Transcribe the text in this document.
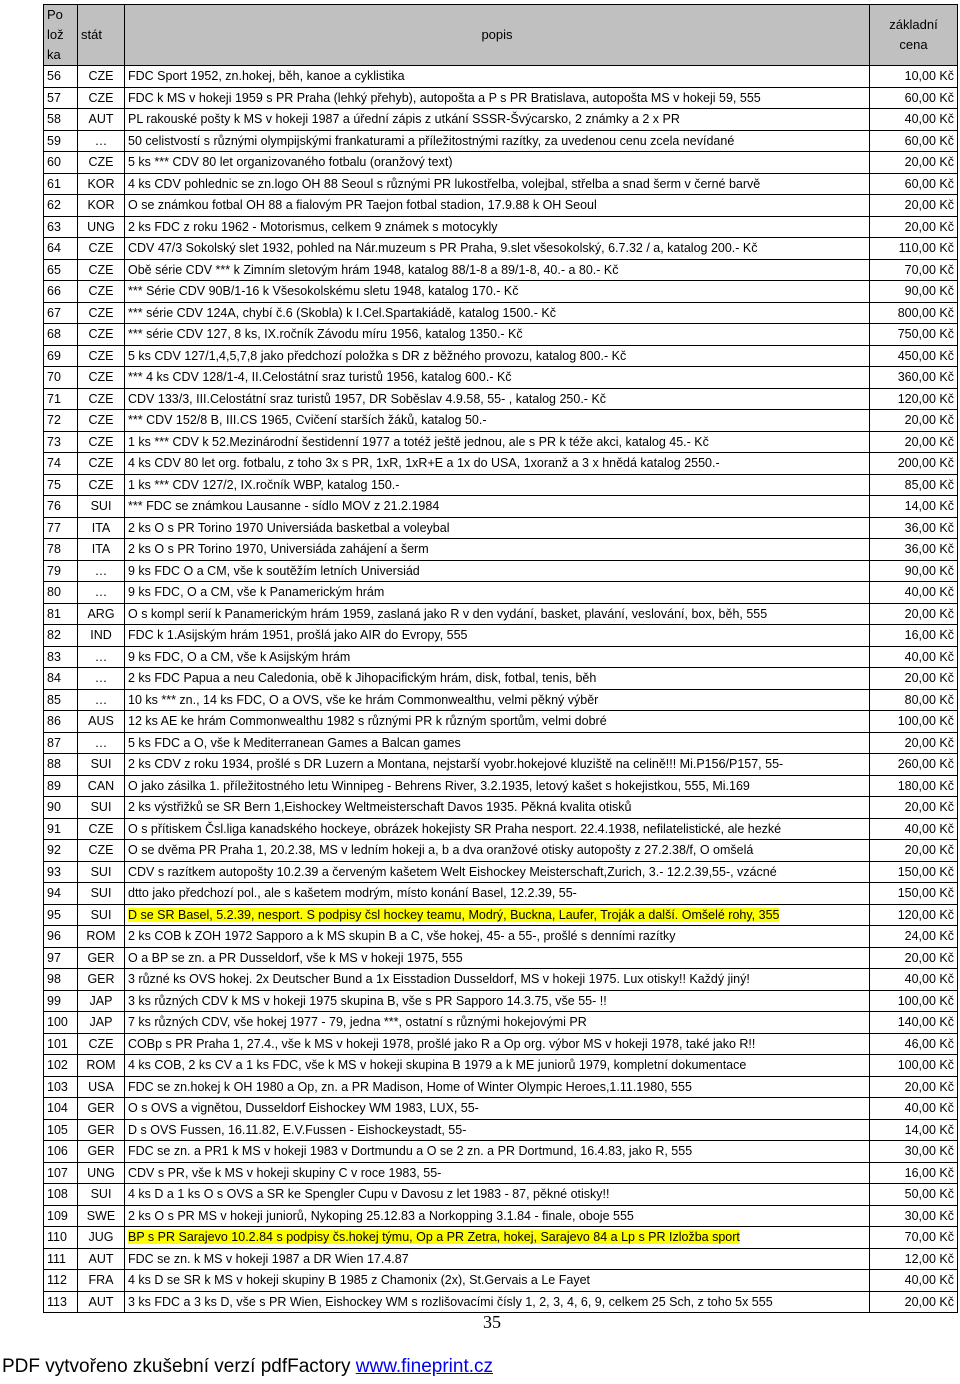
Po
lož
ka	stát	popis	základní
cena
56	CZE	FDC Sport 1952, zn.hokej, běh, kanoe a cyklistika	10,00 Kč
57	CZE	FDC k MS v hokeji 1959 s PR Praha (lehký přehyb), autopošta a P s PR Bratislava, autopošta MS v hokeji 59, 555	60,00 Kč
58	AUT	PL rakouské pošty k MS v hokeji 1987 a úřední zápis z utkání SSSR-Švýcarsko, 2 známky a 2 x PR	40,00 Kč
59	…	50 celistvostí s různými olympijskými frankaturami a příležitostnými razítky, za uvedenou cenu zcela nevídané	60,00 Kč
60	CZE	5 ks *** CDV 80 let organizovaného fotbalu (oranžový text)	20,00 Kč
61	KOR	4 ks CDV pohlednic se zn.logo OH 88 Seoul s různými PR lukostřelba, volejbal, střelba a snad šerm v černé barvě	60,00 Kč
62	KOR	O se známkou fotbal OH 88 a fialovým PR Taejon fotbal stadion, 17.9.88 k OH Seoul	20,00 Kč
63	UNG	2 ks FDC z roku 1962 - Motorismus, celkem 9 známek s motocykly	20,00 Kč
64	CZE	CDV 47/3 Sokolský slet 1932, pohled na Nár.muzeum s PR Praha, 9.slet všesokolský, 6.7.32 / a, katalog 200.- Kč	110,00 Kč
65	CZE	Obě série CDV *** k Zimním sletovým hrám 1948, katalog 88/1-8 a 89/1-8, 40.- a 80.- Kč	70,00 Kč
66	CZE	*** Série CDV 90B/1-16 k Všesokolskému sletu 1948, katalog 170.- Kč	90,00 Kč
67	CZE	*** série CDV 124A, chybí č.6 (Skobla) k I.Cel.Spartakiádě, katalog 1500.- Kč	800,00 Kč
68	CZE	*** série CDV 127, 8 ks, IX.ročník Závodu míru 1956, katalog 1350.- Kč	750,00 Kč
69	CZE	5 ks CDV 127/1,4,5,7,8 jako předchozí položka s DR z běžného provozu, katalog 800.- Kč	450,00 Kč
70	CZE	*** 4 ks CDV 128/1-4, II.Celostátní sraz turistů 1956, katalog 600.- Kč	360,00 Kč
71	CZE	CDV 133/3, III.Celostátní sraz turistů 1957, DR Soběslav 4.9.58, 55- , katalog 250.- Kč	120,00 Kč
72	CZE	*** CDV 152/8 B, III.CS 1965, Cvičení starších žáků, katalog 50.-	20,00 Kč
73	CZE	1 ks *** CDV k 52.Mezinárodní šestidenní 1977 a totéž ještě jednou, ale s PR k téže akci, katalog 45.- Kč	20,00 Kč
74	CZE	4 ks CDV 80 let org. fotbalu, z toho 3x s PR, 1xR, 1xR+E a 1x do USA, 1xoranž a 3 x hnědá katalog 2550.-	200,00 Kč
75	CZE	1 ks *** CDV 127/2, IX.ročník WBP, katalog 150.-	85,00 Kč
76	SUI	*** FDC se známkou Lausanne - sídlo MOV z 21.2.1984	14,00 Kč
77	ITA	2 ks O s PR Torino 1970 Universiáda basketbal a voleybal	36,00 Kč
78	ITA	2 ks O s PR Torino 1970, Universiáda zahájení a šerm	36,00 Kč
79	…	9 ks FDC O a CM, vše k soutěžím letních Universiád	90,00 Kč
80	…	9 ks FDC, O a CM, vše k Panamerickým hrám	40,00 Kč
81	ARG	O s kompl serií k Panamerickým hrám 1959, zaslaná jako R v den vydání, basket, plavání, veslování, box, běh, 555	20,00 Kč
82	IND	FDC k 1.Asijským hrám 1951, prošlá jako AIR do Evropy, 555	16,00 Kč
83	…	9 ks FDC, O a CM, vše k Asijským hrám	40,00 Kč
84	…	2 ks FDC Papua a neu Caledonia, obě k Jihopacifickým hrám, disk, fotbal, tenis, běh	20,00 Kč
85	…	10 ks *** zn., 14 ks FDC, O a OVS, vše ke hrám Commonwealthu, velmi pěkný výběr	80,00 Kč
86	AUS	12 ks AE ke hrám Commonwealthu 1982 s různými PR k různým sportům, velmi dobré	100,00 Kč
87	…	5 ks FDC a O, vše k Mediterranean Games a Balcan games	20,00 Kč
88	SUI	2 ks CDV z roku 1934, prošlé s DR Luzern a Montana, nejstarší vyobr.hokejové kluziště na celině!!! Mi.P156/P157, 55-	260,00 Kč
89	CAN	O jako zásilka 1. příležitostného letu Winnipeg - Behrens River, 3.2.1935, letový kašet s hokejistkou, 555, Mi.169	180,00 Kč
90	SUI	2 ks výstřižků se SR Bern 1,Eishockey Weltmeisterschaft Davos 1935. Pěkná kvalita otisků	20,00 Kč
91	CZE	O s přítiskem Čsl.liga kanadského hockeye, obrázek hokejisty SR Praha nesport. 22.4.1938, nefilatelistické, ale hezké	40,00 Kč
92	CZE	O se dvěma PR Praha 1, 20.2.38, MS v ledním hokeji a, b a dva oranžové otisky autopošty z 27.2.38/f, O omšelá	20,00 Kč
93	SUI	CDV s razítkem autopošty 10.2.39 a červeným kašetem Welt Eishockey Meisterschaft,Zurich, 3.- 12.2.39,55-, vzácné	150,00 Kč
94	SUI	dtto jako předchozí pol., ale s kašetem modrým, místo konání Basel, 12.2.39, 55-	150,00 Kč
95	SUI	D se SR Basel, 5.2.39, nesport. S podpisy čsl hockey teamu, Modrý, Buckna, Laufer, Troják a další. Omšelé rohy, 355	120,00 Kč
96	ROM	2 ks COB k ZOH 1972 Sapporo a k MS skupin B a C, vše hokej, 45- a 55-, prošlé s denními razítky	24,00 Kč
97	GER	O a BP se zn. a PR Dusseldorf, vše k MS v hokeji 1975, 555	20,00 Kč
98	GER	3 různé ks OVS hokej. 2x Deutscher Bund a 1x Eisstadion Dusseldorf, MS v hokeji 1975. Lux otisky!! Každý jiný!	40,00 Kč
99	JAP	3 ks různých CDV k MS v hokeji 1975 skupina B, vše s PR Sapporo 14.3.75, vše 55- !!	100,00 Kč
100	JAP	7 ks různých CDV, vše hokej 1977 - 79, jedna ***, ostatní s různými hokejovými PR	140,00 Kč
101	CZE	COBp s PR Praha 1, 27.4., vše k MS v hokeji 1978, prošlé jako R a Op org. výbor MS v hokeji 1978, také jako R!!	46,00 Kč
102	ROM	4 ks COB, 2 ks CV a 1 ks FDC, vše k MS v hokeji skupina B 1979 a k ME juniorů 1979, kompletní dokumentace	100,00 Kč
103	USA	FDC se zn.hokej k OH 1980 a Op, zn. a PR Madison, Home of Winter Olympic Heroes,1.11.1980, 555	20,00 Kč
104	GER	O s OVS a vignětou, Dusseldorf Eishockey WM 1983, LUX, 55-	40,00 Kč
105	GER	D s OVS Fussen, 16.11.82, E.V.Fussen - Eishockeystadt, 55-	14,00 Kč
106	GER	FDC se zn. a PR1 k MS v hokeji 1983 v Dortmundu a O se 2 zn. a PR Dortmund, 16.4.83, jako R, 555	30,00 Kč
107	UNG	CDV s PR, vše k MS v hokeji skupiny C v roce 1983, 55-	16,00 Kč
108	SUI	4 ks D a 1 ks O s OVS a SR ke Spengler Cupu v Davosu z let 1983 - 87, pěkné otisky!!	50,00 Kč
109	SWE	2 ks O s PR MS v hokeji juniorů, Nykoping 25.12.83 a Norkopping 3.1.84 - finale, oboje 555	30,00 Kč
110	JUG	BP s PR Sarajevo 10.2.84 s podpisy čs.hokej týmu, Op a PR Zetra, hokej, Sarajevo 84 a Lp s PR Izložba sport	70,00 Kč
111	AUT	FDC se zn. k MS v hokeji 1987 a DR Wien 17.4.87	12,00 Kč
112	FRA	4 ks D se SR k MS v hokeji skupiny B 1985 z Chamonix (2x), St.Gervais a Le Fayet	40,00 Kč
113	AUT	3 ks FDC a 3 ks D, vše s PR Wien, Eishockey WM s rozlišovacími čísly 1, 2, 3, 4, 6, 9, celkem 25 Sch, z toho 5x 555	20,00 Kč
35
PDF vytvořeno zkušební verzí pdfFactory www.fineprint.cz
